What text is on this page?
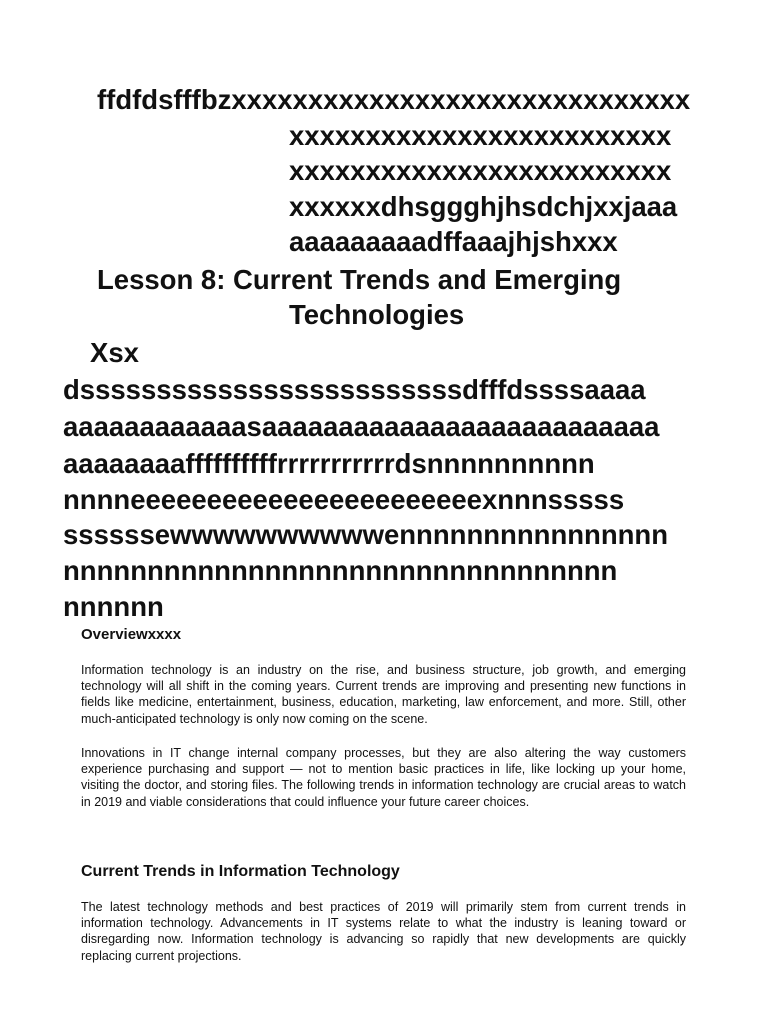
ffdfdsfffbzxxxxxxxxxxxxxxxxxxxxxxxxxxxxxx

xxxxxxxxxxxxxxxxxxxxxxxxx

xxxxxxxxxxxxxxxxxxxxxxxxx

xxxxxxdhsggghjhsdchjxxjaaa

aaaaaaaaadffaaajhjshxxx

Lesson 8: Current Trends and Emerging

Technologies

Xsx

dsssssssssssssssssssssssssdfffdssssaaaa

aaaaaaaaaaaasaaaaaaaaaaaaaaaaaaaaaaaaaa

aaaaaaaaffffffffffrrrrrrrrrrrdsnnnnnnnnnn

nnnneeeeeeeeeeeeeeeeeeeeeeexnnnsssss

ssssssewwwwwwwwwwennnnnnnnnnnnnnnn

nnnnnnnnnnnnnnnnnnnnnnnnnnnnnnnnn

nnnnnn

Overviewxxxx

Information technology is an industry on the rise, and business structure, job growth, and emerging technology will all shift in the coming years. Current trends are improving and presenting new functions in fields like medicine, entertainment, business, education, marketing, law enforcement, and more. Still, other much-anticipated technology is only now coming on the scene.

Innovations in IT change internal company processes, but they are also altering the way customers experience purchasing and support — not to mention basic practices in life, like locking up your home, visiting the doctor, and storing files. The following trends in information technology are crucial areas to watch in 2019 and viable considerations that could influence your future career choices.

Current Trends in Information Technology

The latest technology methods and best practices of 2019 will primarily stem from current trends in information technology. Advancements in IT systems relate to what the industry is leaning toward or disregarding now. Information technology is advancing so rapidly that new developments are quickly replacing current projections.
